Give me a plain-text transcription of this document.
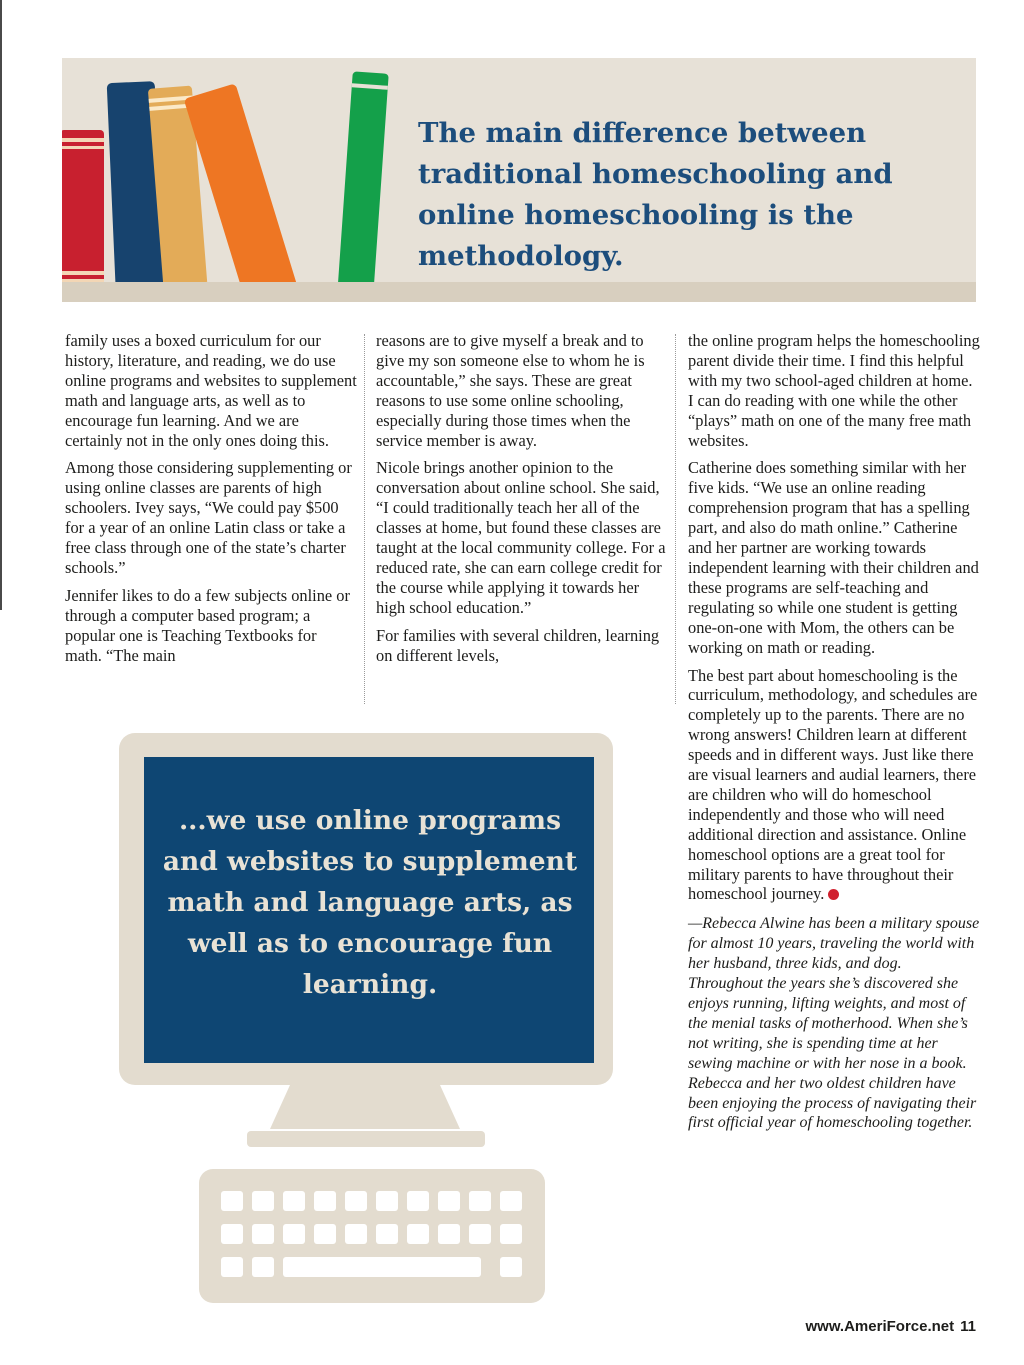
The main difference between traditional homeschooling and online homeschooling is the methodology.

family uses a boxed curriculum for our history, literature, and reading, we do use online programs and websites to supplement math and language arts, as well as to encourage fun learning. And we are certainly not in the only ones doing this.

Among those considering supplementing or using online classes are parents of high schoolers. Ivey says, “We could pay $500 for a year of an online Latin class or take a free class through one of the state’s charter schools.”

Jennifer likes to do a few subjects online or through a computer based program; a popular one is Teaching Textbooks for math. “The main

reasons are to give myself a break and to give my son someone else to whom he is accountable,” she says. These are great reasons to use some online schooling, especially during those times when the service member is away.

Nicole brings another opinion to the conversation about online school. She said, “I could traditionally teach her all of the classes at home, but found these classes are taught at the local community college. For a reduced rate, she can earn college credit for the course while applying it towards her high school education.”

For families with several children, learning on different levels,

the online program helps the homeschooling parent divide their time. I find this helpful with my two school-aged children at home. I can do reading with one while the other “plays” math on one of the many free math websites.

Catherine does something similar with her five kids. “We use an online reading comprehension program that has a spelling part, and also do math online.” Catherine and her partner are working towards independent learning with their children and these programs are self-teaching and regulating so while one student is getting one-on-one with Mom, the others can be working on math or reading.

The best part about homeschooling is the curriculum, methodology, and schedules are completely up to the parents. There are no wrong answers! Children learn at different speeds and in different ways. Just like there are visual learners and audial learners, there are children who will do homeschool independently and those who will need additional direction and assistance. Online homeschool options are a great tool for military parents to have throughout their homeschool journey.

—Rebecca Alwine has been a military spouse for almost 10 years, traveling the world with her husband, three kids, and dog. Throughout the years she’s discovered she enjoys running, lifting weights, and most of the menial tasks of motherhood. When she’s not writing, she is spending time at her sewing machine or with her nose in a book. Rebecca and her two oldest children have been enjoying the process of navigating their first official year of homeschooling together.

...we use online programs and websites to supplement math and language arts, as well as to encourage fun learning.

www.AmeriForce.net 11
